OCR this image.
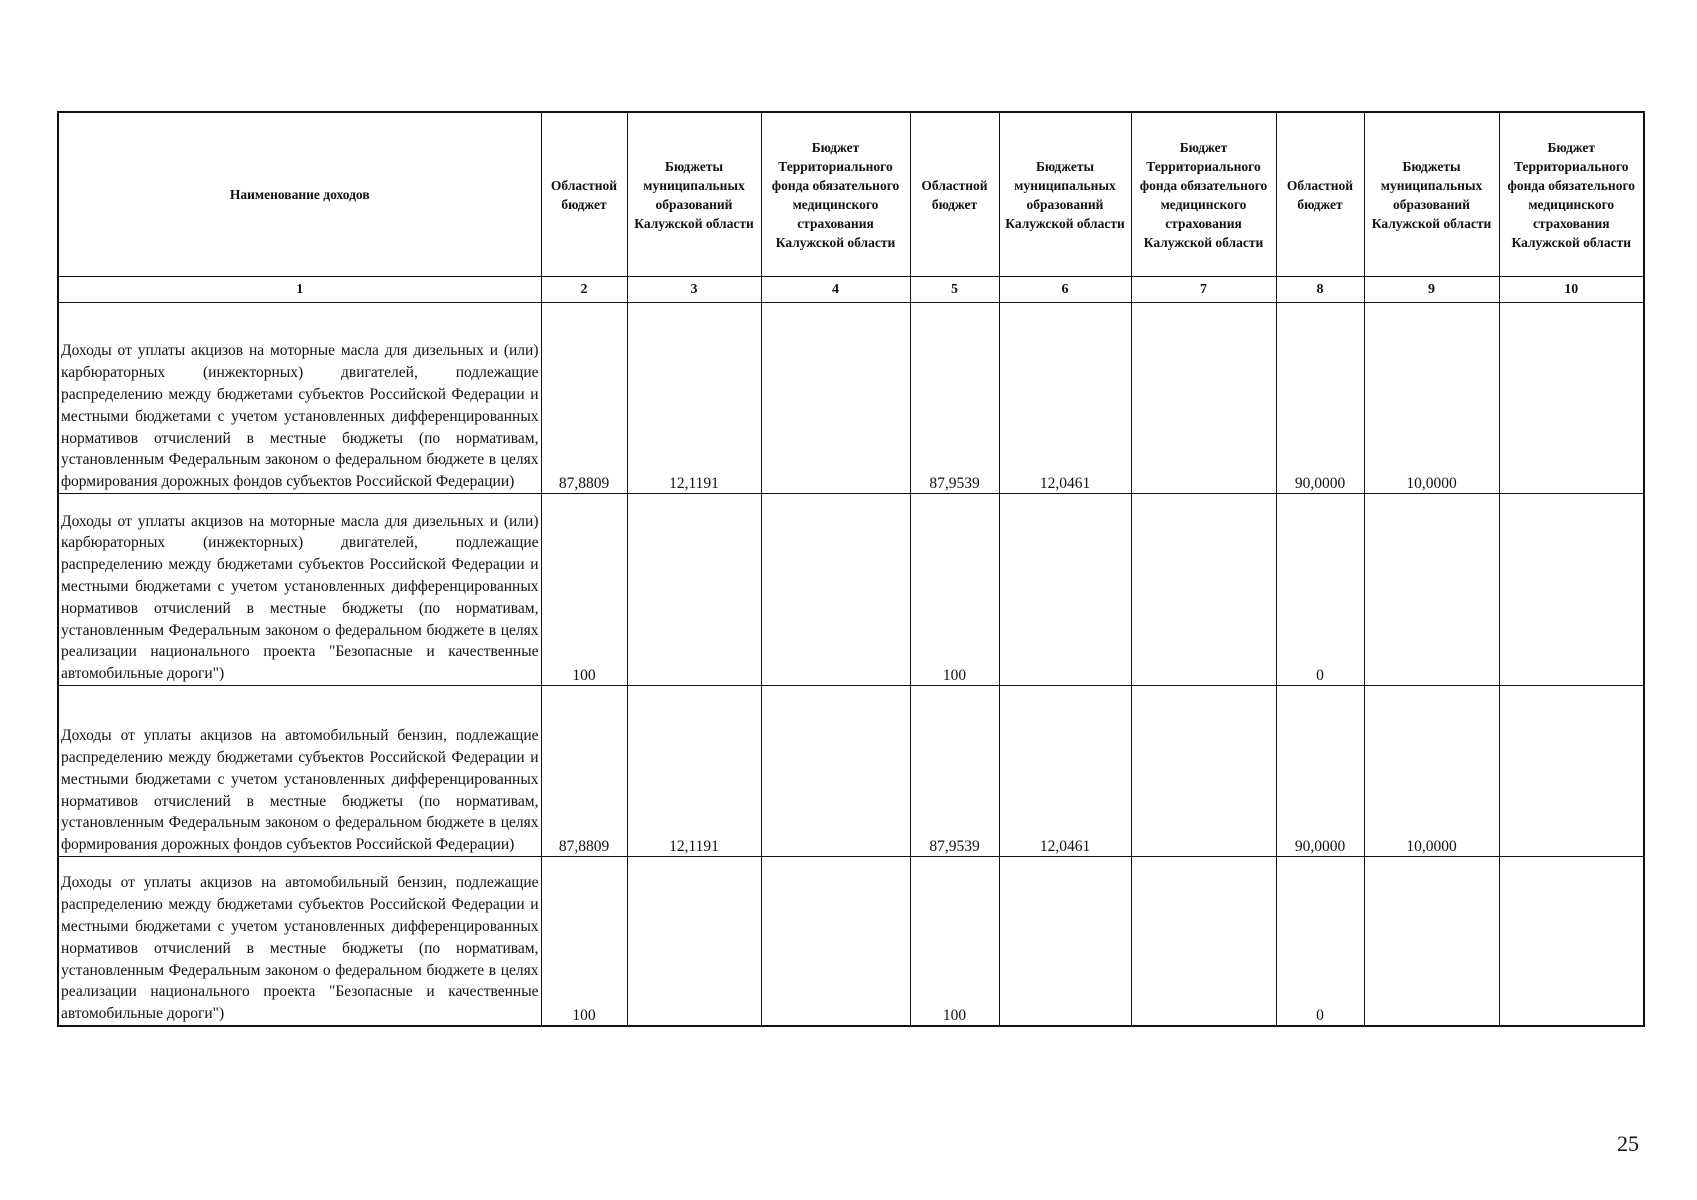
Наименование доходов	Областной бюджет	Бюджеты муниципальных образований Калужской области	Бюджет Территориального фонда обязательного медицинского страхования Калужской области	Областной бюджет	Бюджеты муниципальных образований Калужской области	Бюджет Территориального фонда обязательного медицинского страхования Калужской области	Областной бюджет	Бюджеты муниципальных образований Калужской области	Бюджет Территориального фонда обязательного медицинского страхования Калужской области
1	2	3	4	5	6	7	8	9	10
Доходы от уплаты акцизов на моторные масла для дизельных и (или) карбюраторных (инжекторных) двигателей, подлежащие распределению между бюджетами субъектов Российской Федерации и местными бюджетами с учетом установленных дифференцированных нормативов отчислений в местные бюджеты (по нормативам, установленным Федеральным законом о федеральном бюджете в целях формирования дорожных фондов субъектов Российской Федерации)	87,8809	12,1191		87,9539	12,0461		90,0000	10,0000	
Доходы от уплаты акцизов на моторные масла для дизельных и (или) карбюраторных (инжекторных) двигателей, подлежащие распределению между бюджетами субъектов Российской Федерации и местными бюджетами с учетом установленных дифференцированных нормативов отчислений в местные бюджеты (по нормативам, установленным Федеральным законом о федеральном бюджете в целях реализации национального проекта "Безопасные и качественные автомобильные дороги")	100			100			0		
Доходы от уплаты акцизов на автомобильный бензин, подлежащие распределению между бюджетами субъектов Российской Федерации и местными бюджетами с учетом установленных дифференцированных нормативов отчислений в местные бюджеты (по нормативам, установленным Федеральным законом о федеральном бюджете в целях формирования дорожных фондов субъектов Российской Федерации)	87,8809	12,1191		87,9539	12,0461		90,0000	10,0000	
Доходы от уплаты акцизов на автомобильный бензин, подлежащие распределению между бюджетами субъектов Российской Федерации и местными бюджетами с учетом установленных дифференцированных нормативов отчислений в местные бюджеты (по нормативам, установленным Федеральным законом о федеральном бюджете в целях реализации национального проекта "Безопасные и качественные автомобильные дороги")	100			100			0		
25
